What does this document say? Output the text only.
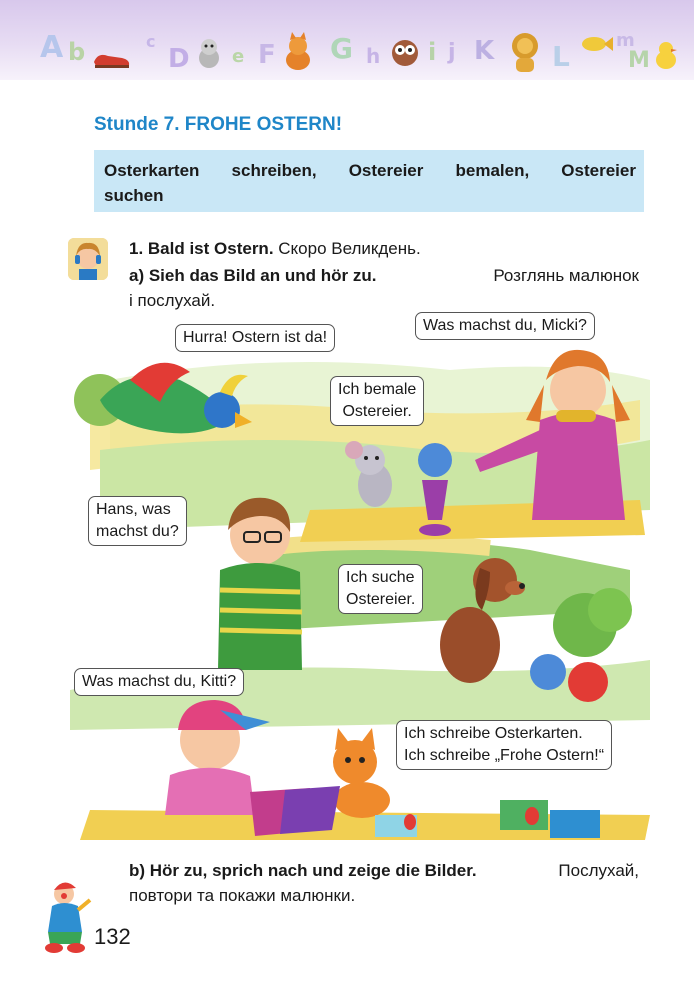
A b	c
D e F G h i j K L	m
M
Stunde 7. FROHE OSTERN!
Osterkarten schreiben, Ostereier bemalen, Ostereier
suchen
1. Bald ist Ostern. Скоро Великдень.
a) Sieh das Bild an und hör zu.	Розглянь малюнок
і послухай.
Hurra! Ostern ist da!
Was machst du, Micki?
Ich bemale
Ostereier.
Hans, was
machst du?
Ich suche
Ostereier.
Was machst du, Kitti?
Ich schreibe Osterkarten.
Ich schreibe „Frohe Ostern!“
b) Hör zu, sprich nach und zeige die Bilder.	Послухай,
повтори та покажи малюнки.
132
